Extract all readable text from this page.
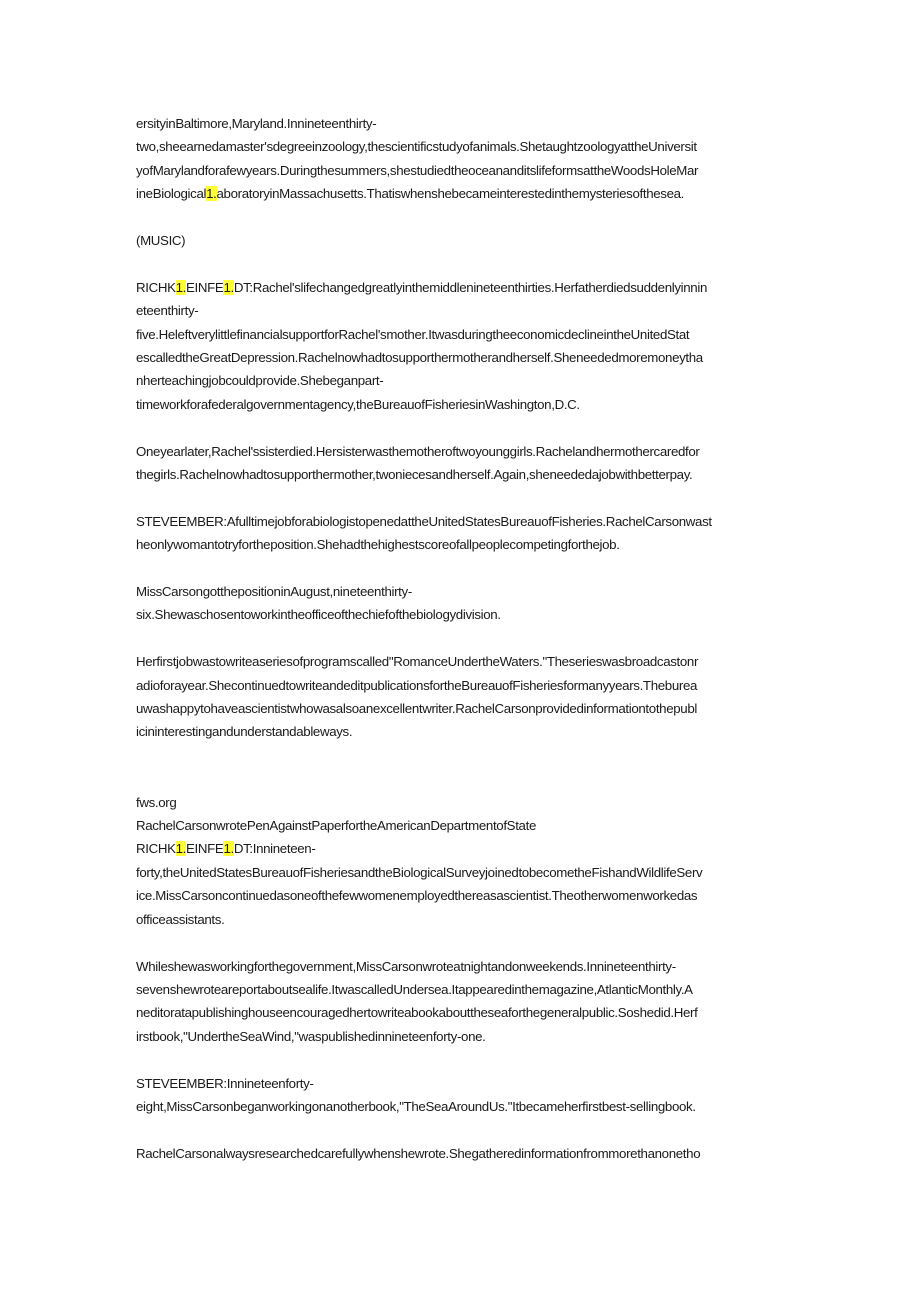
ersityinBaltimore,Maryland.Innineteenthirty-
two,sheearnedamaster'sdegreeinzoology,thescientificstudyofanimals.ShetaughtzoologyattheUniversit
yofMarylandforafewyears.Duringthesummers,shestudiedtheoceananditslifeformsattheWoodsHoleMar
ineBiological1.aboratoryinMassachusetts.Thatiswhenshebecameinterestedinthemysteriesofthesea.
(MUSIC)
RICHK1.EINFE1.DT:Rachel'slifechangedgreatlyinthemiddlenineteenthirties.Herfatherdiedsuddenlyinnin
eteenthirty-
five.HeleftverylittlefinancialsupportforRachel'smother.ItwasduringtheeconomicdeclineintheUnitedStat
escalledtheGreatDepression.Rachelnowhadtosupporthermotherandherself.Sheneededmoremoneytha
nherteachingjobcouldprovide.Shebeganpart-
timeworkforafederalgovernmentagency,theBureauofFisheriesinWashington,D.C.
Oneyearlater,Rachel'ssisterdied.Hersisterwasthemotheroftwoyounggirls.Rachelandhermothercaredfor
thegirls.Rachelnowhadtosupporthermother,twoniecesandherself.Again,sheneededajobwithbetterpay.
STEVEEMBER:AfulltimejobforabiologistopenedattheUnitedStatesBureauofFisheries.RachelCarsonwast
heonlywomantotryfortheposition.Shehadthehighestscoreofallpeoplecompetingforthejob.
MissCarsongotthepositioninAugust,nineteenthirty-
six.Shewaschosentoworkintheofficeofthechiefofthebiologydivision.
Herfirstjobwastowriteaseriesofprogramscalled"RomanceUndertheWaters."Theserieswasbroadcastonr
adioforayear.ShecontinuedtowriteandeditpublicationsfortheBureauofFisheriesformanyyears.Theburea
uwashappytohaveascientistwhowasalsoanexcellentwriter.RachelCarsonprovidedinformationtothepubl
icininterestingandunderstandableways.
fws.org
RachelCarsonwrotePenAgainstPaperfortheAmericanDepartmentofState
RICHK1.EINFE1.DT:Innineteen-
forty,theUnitedStatesBureauofFisheriesandtheBiologicalSurveyjoinedtobecometheFishandWildlifeServ
ice.MissCarsoncontinuedasoneofthefewwomenemployedthereasascientist.Theotherwomenworkedas
officeassistants.
Whileshewasworkingforthegovernment,MissCarsonwroteatnightandonweekends.Innineteenthirty-
sevenshewroteareportaboutsealife.ItwascalledUndersea.Itappearedinthemagazine,AtlanticMonthly.A
neditoratapublishinghouseencouragedhertowriteabookabouttheseaforthegeneralpublic.Soshedid.Herf
irstbook,"UndertheSeaWind,"waspublishedinnineteenforty-one.
STEVEEMBER:Innineteenforty-
eight,MissCarsonbeganworkingonanotherbook,"TheSeaAroundUs."Itbecameherfirstbest-sellingbook.
RachelCarsonalwaysresearchedcarefullywhenshewrote.Shegatheredinformationfrommorethanonetho
